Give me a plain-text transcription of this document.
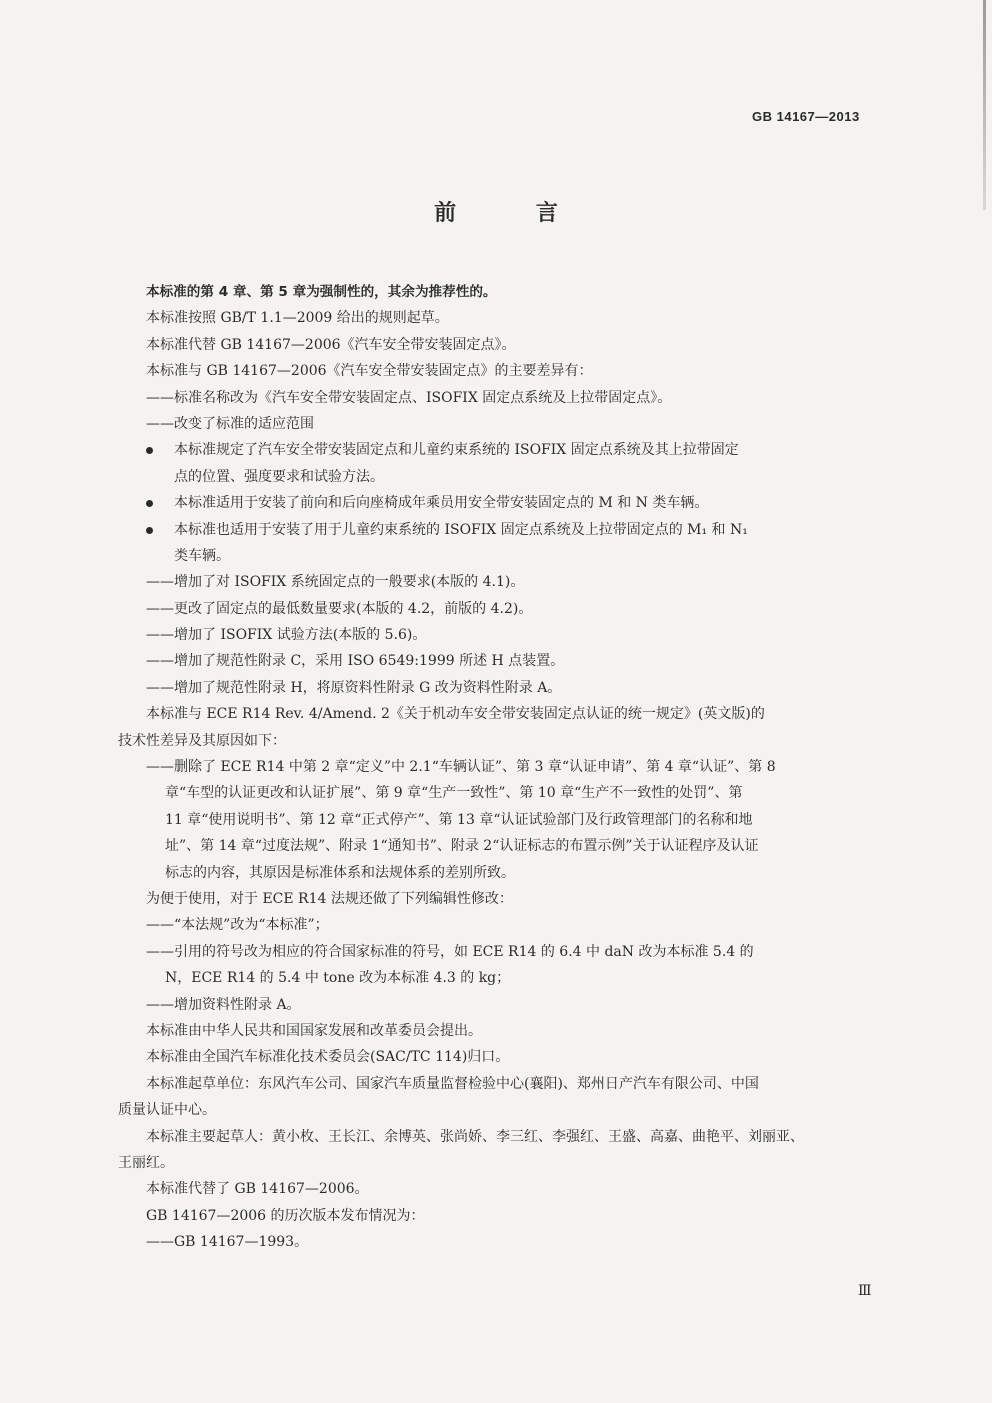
GB 14167—2013
前 言
本标准的第 4 章、第 5 章为强制性的，其余为推荐性的。
本标准按照 GB/T 1.1—2009 给出的规则起草。
本标准代替 GB 14167—2006《汽车安全带安装固定点》。
本标准与 GB 14167—2006《汽车安全带安装固定点》的主要差异有：
——标准名称改为《汽车安全带安装固定点、ISOFIX 固定点系统及上拉带固定点》。
——改变了标准的适应范围
本标准规定了汽车安全带安装固定点和儿童约束系统的 ISOFIX 固定点系统及其上拉带固定
点的位置、强度要求和试验方法。
本标准适用于安装了前向和后向座椅成年乘员用安全带安装固定点的 M 和 N 类车辆。
本标准也适用于安装了用于儿童约束系统的 ISOFIX 固定点系统及上拉带固定点的 M₁ 和 N₁
类车辆。
——增加了对 ISOFIX 系统固定点的一般要求(本版的 4.1)。
——更改了固定点的最低数量要求(本版的 4.2，前版的 4.2)。
——增加了 ISOFIX 试验方法(本版的 5.6)。
——增加了规范性附录 C，采用 ISO 6549:1999 所述 H 点装置。
——增加了规范性附录 H，将原资料性附录 G 改为资料性附录 A。
本标准与 ECE R14 Rev. 4/Amend. 2《关于机动车安全带安装固定点认证的统一规定》(英文版)的
技术性差异及其原因如下：
——删除了 ECE R14 中第 2 章“定义”中 2.1“车辆认证”、第 3 章“认证申请”、第 4 章“认证”、第 8
章“车型的认证更改和认证扩展”、第 9 章“生产一致性”、第 10 章“生产不一致性的处罚”、第
11 章“使用说明书”、第 12 章“正式停产”、第 13 章“认证试验部门及行政管理部门的名称和地
址”、第 14 章“过度法规”、附录 1“通知书”、附录 2“认证标志的布置示例”关于认证程序及认证
标志的内容，其原因是标准体系和法规体系的差别所致。
为便于使用，对于 ECE R14 法规还做了下列编辑性修改：
——“本法规”改为“本标准”；
——引用的符号改为相应的符合国家标准的符号，如 ECE R14 的 6.4 中 daN 改为本标准 5.4 的
N，ECE R14 的 5.4 中 tone 改为本标准 4.3 的 kg；
——增加资料性附录 A。
本标准由中华人民共和国国家发展和改革委员会提出。
本标准由全国汽车标准化技术委员会(SAC/TC 114)归口。
本标准起草单位：东风汽车公司、国家汽车质量监督检验中心(襄阳)、郑州日产汽车有限公司、中国
质量认证中心。
本标准主要起草人：黄小枚、王长江、余博英、张尚娇、李三红、李强红、王盛、高嘉、曲艳平、刘丽亚、
王丽红。
本标准代替了 GB 14167—2006。
GB 14167—2006 的历次版本发布情况为：
——GB 14167—1993。
Ⅲ
